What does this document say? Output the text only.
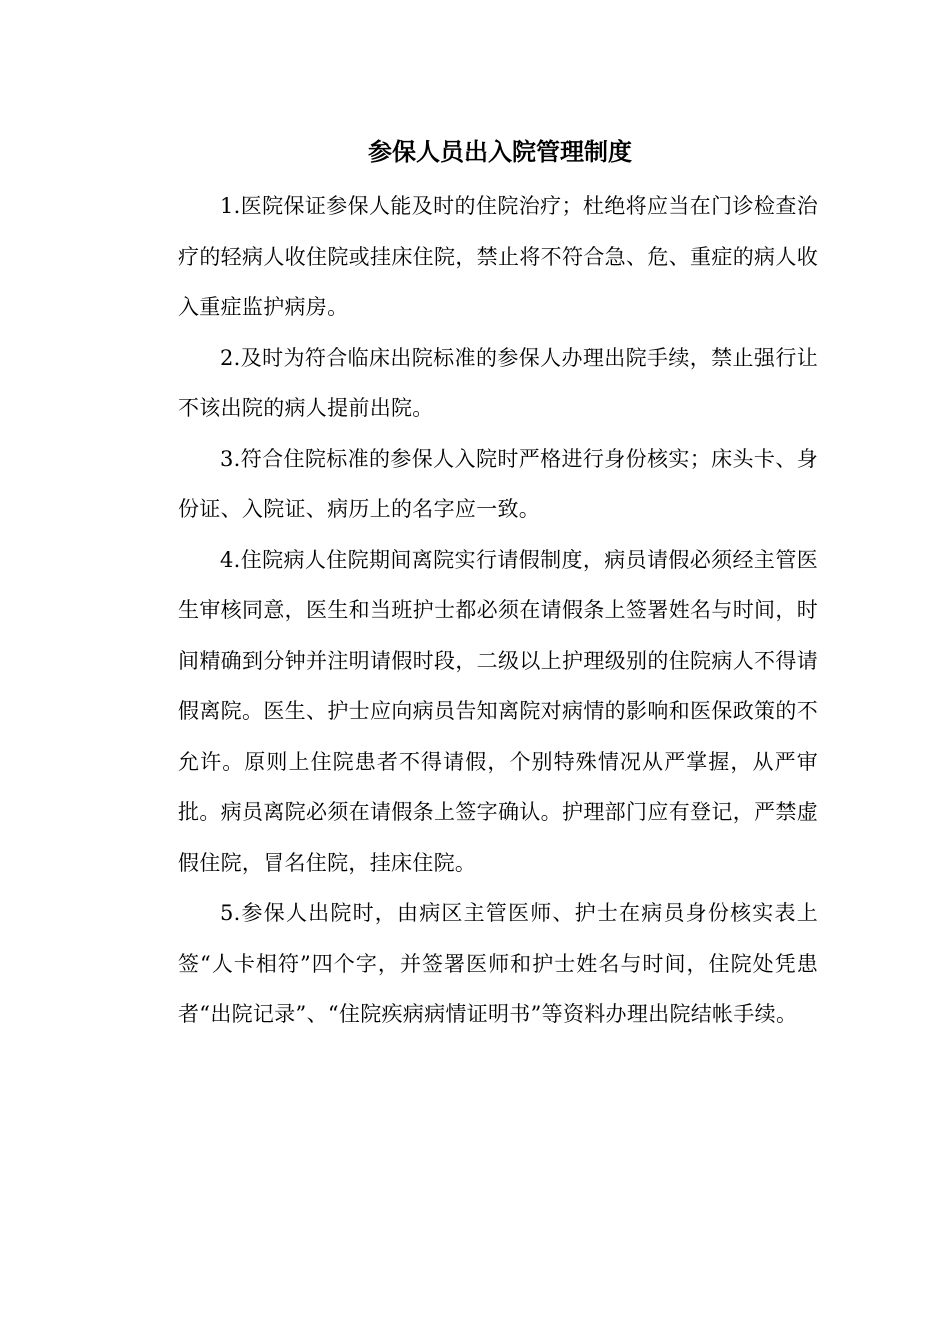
参保人员出入院管理制度

1.医院保证参保人能及时的住院治疗；杜绝将应当在门诊检查治疗的轻病人收住院或挂床住院，禁止将不符合急、危、重症的病人收入重症监护病房。

2.及时为符合临床出院标准的参保人办理出院手续，禁止强行让不该出院的病人提前出院。

3.符合住院标准的参保人入院时严格进行身份核实；床头卡、身份证、入院证、病历上的名字应一致。

4.住院病人住院期间离院实行请假制度，病员请假必须经主管医生审核同意，医生和当班护士都必须在请假条上签署姓名与时间，时间精确到分钟并注明请假时段，二级以上护理级别的住院病人不得请假离院。医生、护士应向病员告知离院对病情的影响和医保政策的不允许。原则上住院患者不得请假，个别特殊情况从严掌握，从严审批。病员离院必须在请假条上签字确认。护理部门应有登记，严禁虚假住院，冒名住院，挂床住院。

5.参保人出院时，由病区主管医师、护士在病员身份核实表上签“人卡相符”四个字，并签署医师和护士姓名与时间，住院处凭患者“出院记录”、“住院疾病病情证明书”等资料办理出院结帐手续。
